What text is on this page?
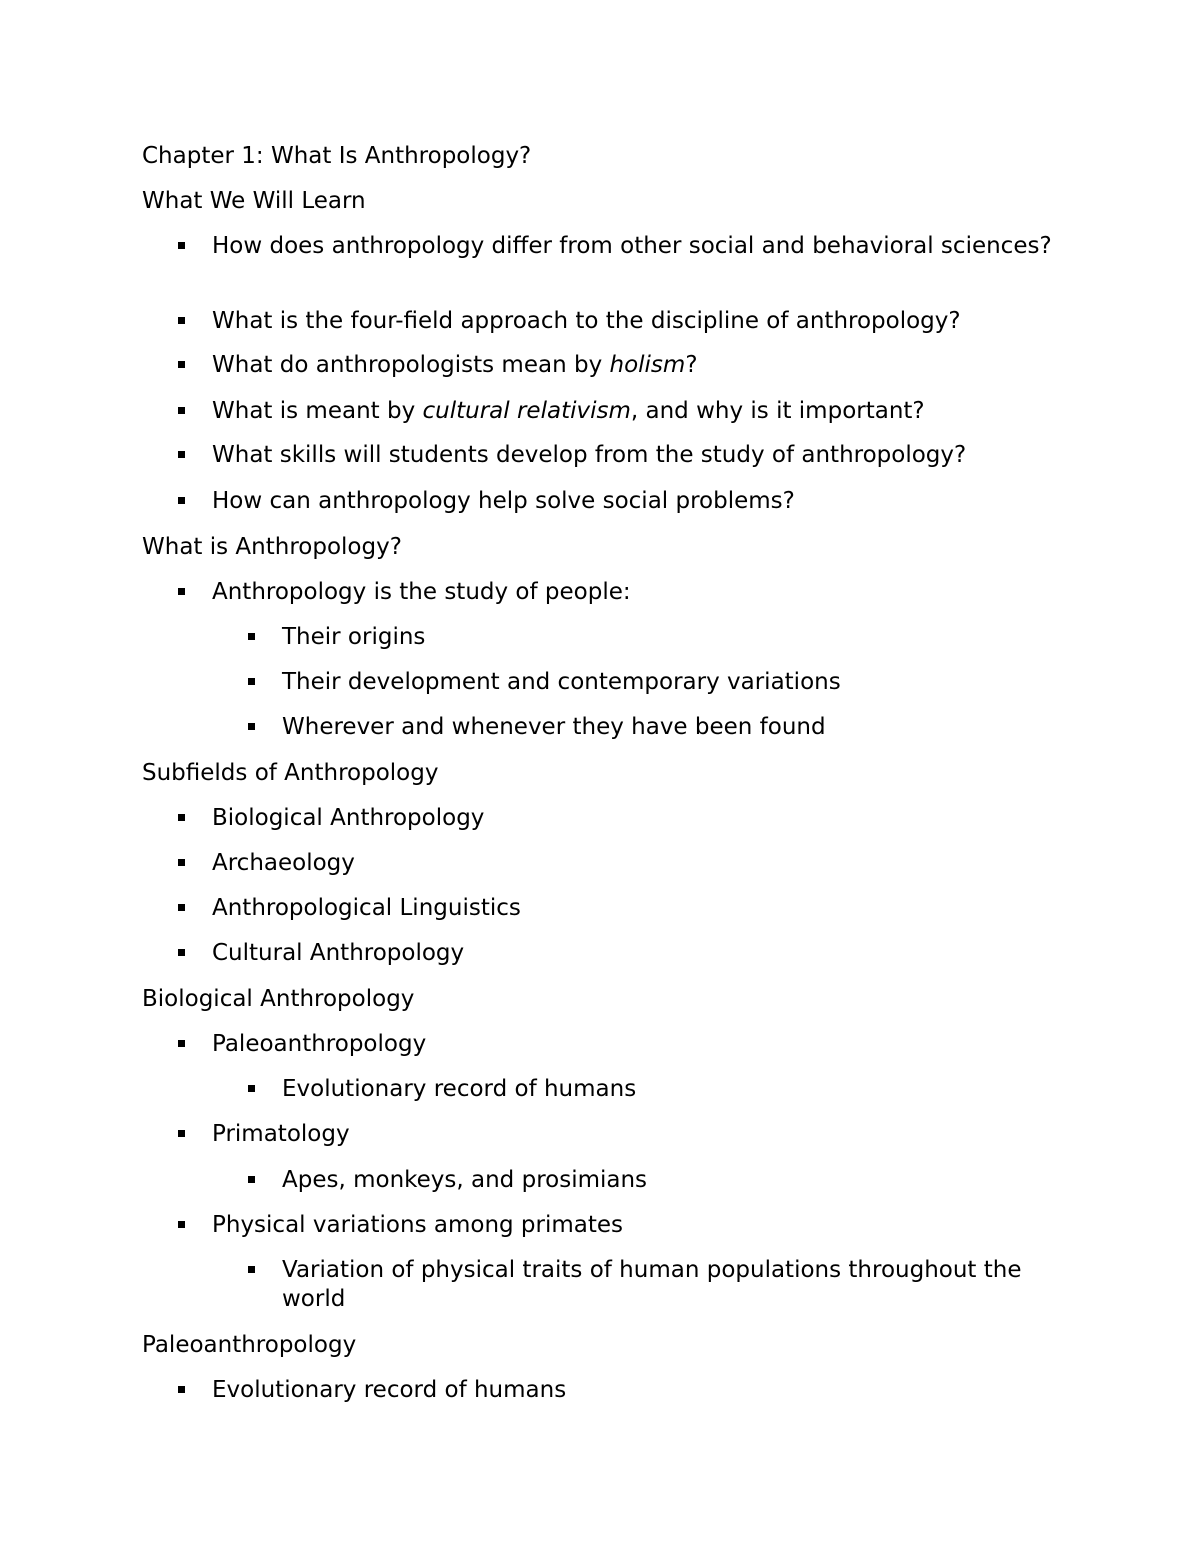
Chapter 1: What Is Anthropology?
What We Will Learn
How does anthropology differ from other social and behavioral sciences?
What is the four-field approach to the discipline of anthropology?
What do anthropologists mean by holism?
What is meant by cultural relativism, and why is it important?
What skills will students develop from the study of anthropology?
How can anthropology help solve social problems?
What is Anthropology?
Anthropology is the study of people:
Their origins
Their development and contemporary variations
Wherever and whenever they have been found
Subfields of Anthropology
Biological Anthropology
Archaeology
Anthropological Linguistics
Cultural Anthropology
Biological Anthropology
Paleoanthropology
Evolutionary record of humans
Primatology
Apes, monkeys, and prosimians
Physical variations among primates
Variation of physical traits of human populations throughout the world
Paleoanthropology
Evolutionary record of humans
